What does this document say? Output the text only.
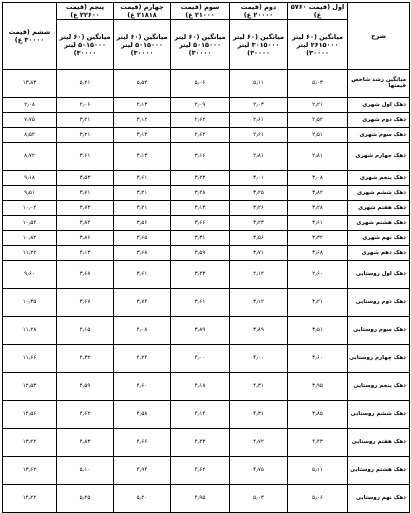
شرح	اول (قیمت ۵۷۶۰ ع)	دوم (قیمت ۲۰۰۰۰ ع)	سوم (قیمت ۲۱۰۰۰ ع)	چهارم (قیمت ۲۱۸۱۸ ع)	پنجم (قیمت ۲۲۶۰۰ ع)	ششم (قیمت ۳۰۰۰۰ ع)
	میانگین (۶۰ لیتر ۲۶۱۵۰۰۰ لیتر ۳۰۰۰۰)	میانگین (۶۰ لیتر ۳۰۱۵۰۰۰ لیتر ۳۰۰۰۰)	میانگین (۶۰ لیتر ۵۰۱۵۰۰۰ لیتر ۳۰۰۰۰)	میانگین (۶۰ لیتر ۵۰۱۵۰۰۰ لیتر ۳۰۰۰۰)	میانگین (۶۰ لیتر ۵۰۱۵۰۰۰ لیتر ۳۰۰۰۰)	
میانگین رشد شاخص قیمتها	۵٫۰۳	۵٫۱۱	۵٫۰۶	۵٫۵۴	۵٫۲۱	۱۳٫۸۳
دهک اول شهری	۲٫۲۱	۲٫۰۳	۲٫۰۹	۲٫۱۳	۲٫۰۶	۲٫۰۸
دهک دوم شهری	۲٫۵۲	۲٫۶۱	۲٫۶۲	۳٫۱۲	۳٫۲۱	۷٫۷۵
دهک سوم شهری	۲٫۵۱	۲٫۶۱	۲٫۶۲	۳٫۱۳	۳٫۲۱	۸٫۵۲
دهک چهارم شهری	۲٫۸۱	۲٫۸۱	۳٫۱۶	۳٫۱۳	۳٫۶۱	۸٫۷۲
دهک پنجم شهری	۳٫۰۸	۳٫۰۱	۳٫۲۳	۳٫۶۱	۳٫۵۳	۹٫۱۸
دهک ششم شهری	۳٫۸۲	۳٫۲۵	۳٫۲۸	۳٫۲۱	۳٫۷۱	۹٫۵۱
دهک هفتم شهری	۳٫۲۸	۳٫۲۶	۳٫۱۳	۳٫۲۱	۳٫۷۳	۱۰٫۰۲
دهک هشتم شهری	۳٫۶۱	۳٫۲۳	۳٫۶۶	۳٫۵۶	۳٫۸۲	۱۰٫۵۴
دهک نهم شهری	۳٫۳۲	۳٫۵۶	۳٫۳۱	۳٫۶۵	۳٫۸۶	۱۰٫۸۲
دهک دهم شهری	۳٫۶۸	۳٫۷۱	۳٫۵۹	۳٫۶۸	۴٫۱۳	۱۱٫۲۲
دهک اول روستایی	۲٫۶۰	۲٫۱۲	۳٫۴۳	۳٫۶۱	۳٫۶۸	۹٫۶۰
دهک دوم روستایی	۳٫۲۱	۳٫۱۲	۳٫۶۱	۳٫۷۲	۳٫۶۷	۱۰٫۳۵
دهک سوم روستایی	۳٫۵۱	۳٫۸۹	۳٫۸۹	۴٫۰۸	۴٫۱۵	۱۱٫۲۸
دهک چهارم روستایی	۳٫۶۰	۴٫۰۰	۴٫۰۰	۴٫۲۲	۴٫۳۲	۱۱٫۶۶
دهک پنجم روستایی	۳٫۹۵	۴٫۳۱	۴٫۱۸	۴٫۶۰	۴٫۵۹	۱۲٫۵۳
دهک ششم روستایی	۳٫۸۵	۴٫۳۱	۴٫۱۴	۴٫۵۸	۴٫۶۲	۱۲٫۵۶
دهک هفتم روستایی	۴٫۴۳	۴٫۷۲	۴٫۴۳	۴٫۶۶	۴٫۸۳	۱۳٫۲۲
دهک هشتم روستایی	۵٫۱۱	۴٫۷۵	۴٫۶۲	۴٫۹۴	۵٫۱۰	۱۳٫۶۲
دهک نهم روستایی	۵٫۰۶	۵٫۰۳	۴٫۹۵	۵٫۲۰	۵٫۲۵	۱۴٫۲۲
